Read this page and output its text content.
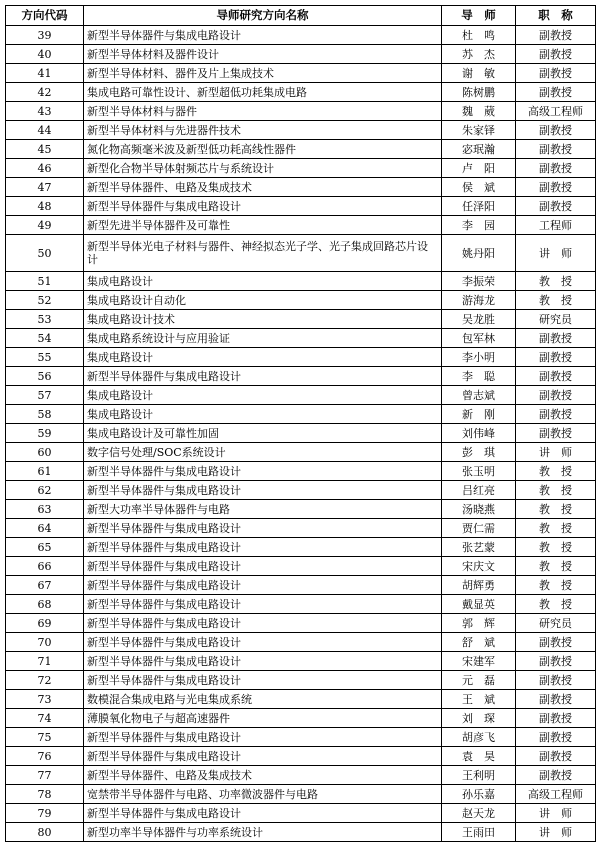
方向代码	导师研究方向名称	导　师	职　称
39	新型半导体器件与集成电路设计	杜　鸣	副教授
40	新型半导体材料及器件设计	苏　杰	副教授
41	新型半导体材料、器件及片上集成技术	谢　敏	副教授
42	集成电路可靠性设计、新型超低功耗集成电路	陈树鹏	副教授
43	新型半导体材料与器件	魏　葳	高级工程师
44	新型半导体材料与先进器件技术	朱家铎	副教授
45	氮化物高频毫米波及新型低功耗高线性器件	宓珉瀚	副教授
46	新型化合物半导体射频芯片与系统设计	卢　阳	副教授
47	新型半导体器件、电路及集成技术	侯　斌	副教授
48	新型半导体器件与集成电路设计	任泽阳	副教授
49	新型先进半导体器件及可靠性	李　园	工程师
50	新型半导体光电子材料与器件、神经拟态光子学、光子集成回路芯片设计	姚丹阳	讲　师
51	集成电路设计	李振荣	教　授
52	集成电路设计自动化	游海龙	教　授
53	集成电路设计技术	吴龙胜	研究员
54	集成电路系统设计与应用验证	包军林	副教授
55	集成电路设计	李小明	副教授
56	新型半导体器件与集成电路设计	李　聪	副教授
57	集成电路设计	曾志斌	副教授
58	集成电路设计	新　刚	副教授
59	集成电路设计及可靠性加固	刘伟峰	副教授
60	数字信号处理/SOC系统设计	彭　琪	讲　师
61	新型半导体器件与集成电路设计	张玉明	教　授
62	新型半导体器件与集成电路设计	吕红亮	教　授
63	新型大功率半导体器件与电路	汤晓燕	教　授
64	新型半导体器件与集成电路设计	贾仁需	教　授
65	新型半导体器件与集成电路设计	张艺蒙	教　授
66	新型半导体器件与集成电路设计	宋庆文	教　授
67	新型半导体器件与集成电路设计	胡辉勇	教　授
68	新型半导体器件与集成电路设计	戴显英	教　授
69	新型半导体器件与集成电路设计	郭　辉	研究员
70	新型半导体器件与集成电路设计	舒　斌	副教授
71	新型半导体器件与集成电路设计	宋建军	副教授
72	新型半导体器件与集成电路设计	元　磊	副教授
73	数模混合集成电路与光电集成系统	王　斌	副教授
74	薄膜氧化物电子与超高速器件	刘　琛	副教授
75	新型半导体器件与集成电路设计	胡彦飞	副教授
76	新型半导体器件与集成电路设计	袁　昊	副教授
77	新型半导体器件、电路及集成技术	王利明	副教授
78	宽禁带半导体器件与电路、功率微波器件与电路	孙乐嘉	高级工程师
79	新型半导体器件与集成电路设计	赵天龙	讲　师
80	新型功率半导体器件与功率系统设计	王雨田	讲　师
